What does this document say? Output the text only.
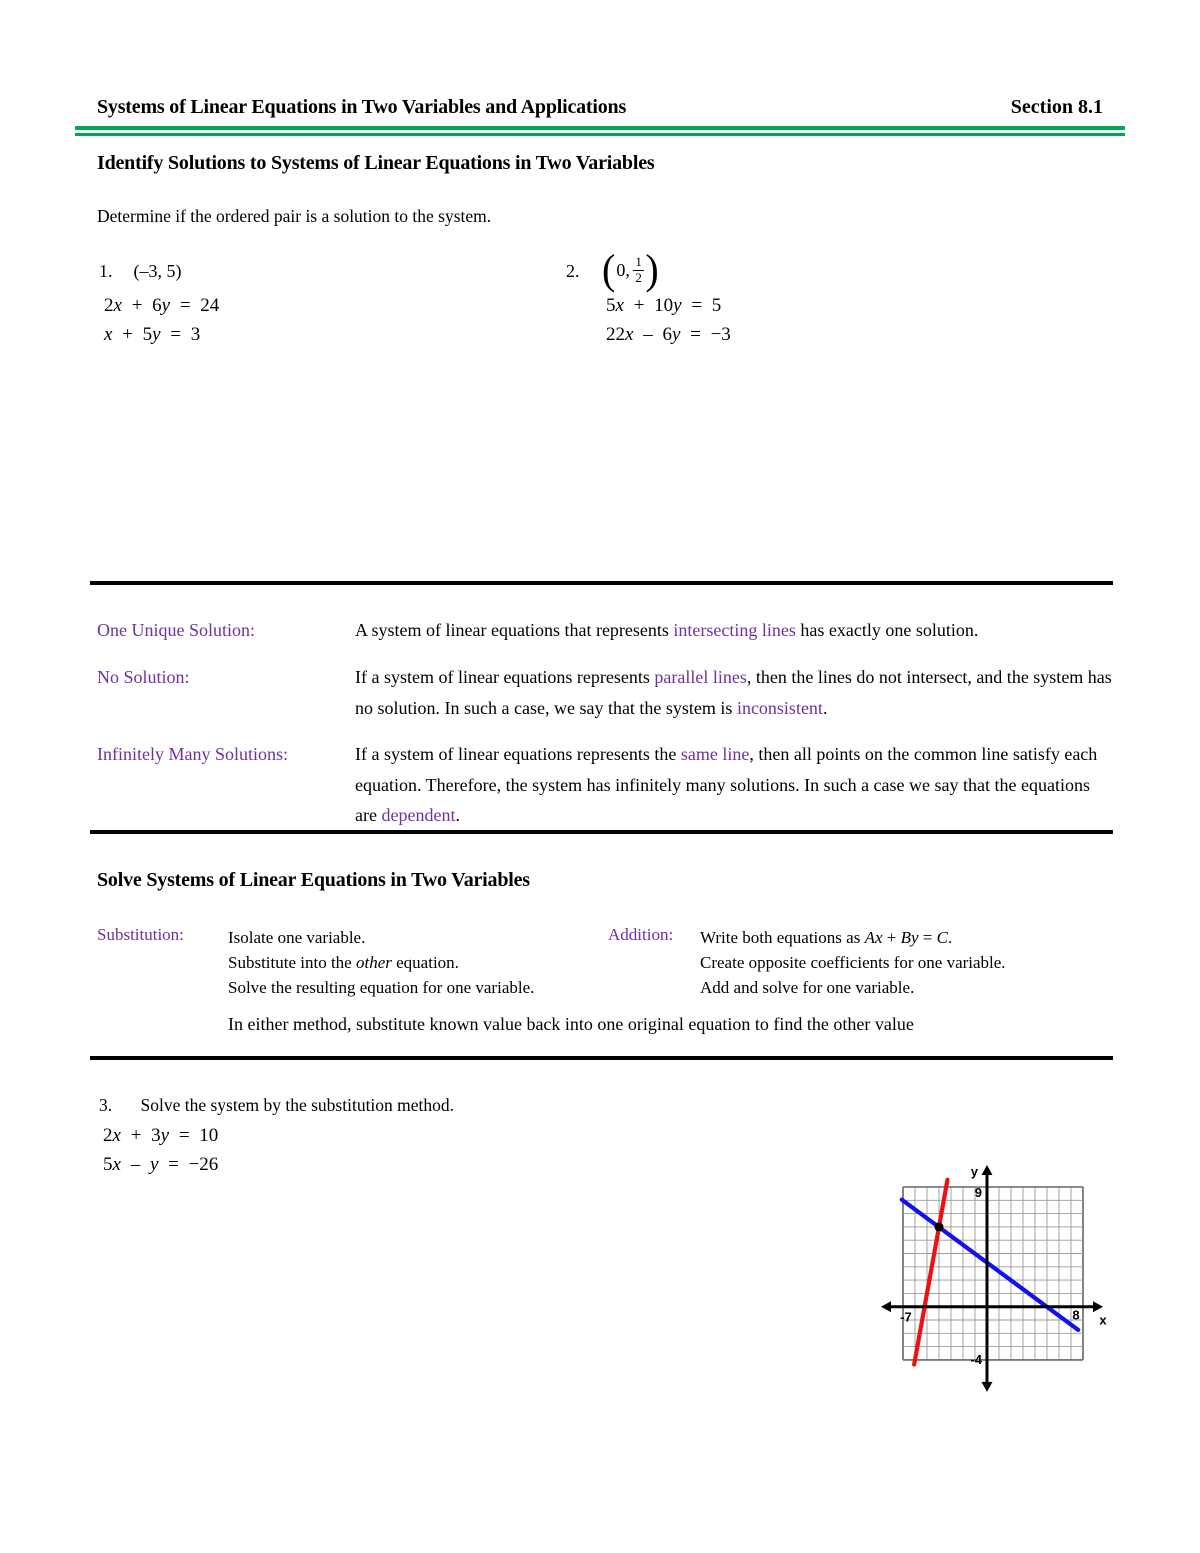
Systems of Linear Equations in Two Variables and Applications	Section 8.1
Identify Solutions to Systems of Linear Equations in Two Variables
Determine if the ordered pair is a solution to the system.
1. (–3, 5)
2x + 6y = 24
x + 5y = 3
2. ( 0, $\frac{1}{2}$ )
5x + 10y = 5
22x – 6y = −3
One Unique Solution:	A system of linear equations that represents intersecting lines has exactly one solution.
No Solution:	If a system of linear equations represents parallel lines, then the lines do not intersect, and the system has no solution. In such a case, we say that the system is inconsistent.
Infinitely Many Solutions:	If a system of linear equations represents the same line, then all points on the common line satisfy each equation. Therefore, the system has infinitely many solutions. In such a case we say that the equations are dependent.
Solve Systems of Linear Equations in Two Variables
Substitution:	Isolate one variable.
Substitute into the other equation.
Solve the resulting equation for one variable.
Addition: Write both equations as Ax + By = C.
Create opposite coefficients for one variable.
Add and solve for one variable.
In either method, substitute known value back into one original equation to find the other value
3. Solve the system by the substitution method.
2x + 3y = 10
5x – y = −26	y
9
x
-7	8
-4
